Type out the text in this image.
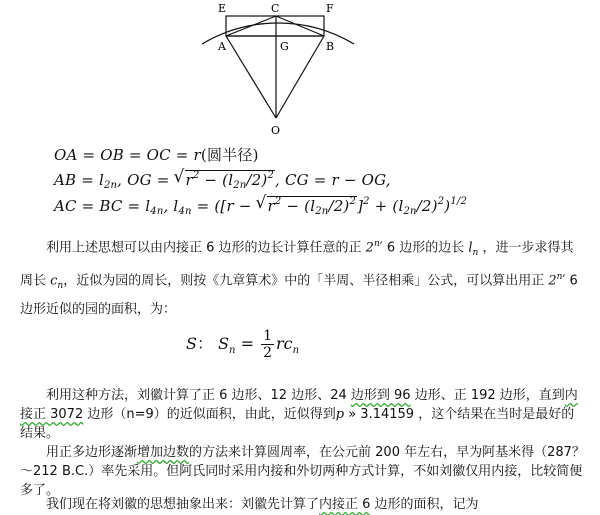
E	C	F
A	G	B
O
OA = OB = OC = r(圆半径)
AB = $l_{2n}$, OG = √ $r^2 - (l_{2n}/2)^2$, CG = r − OG,
AC = BC = $l_{4n}$, $l_{4n} = ([r$ − √ $r^2 - (l_{2n}/2)^2]^2 + (l_{2n}/2)^2)^{1/2}$

利用上述思想可以由内接正 6 边形的边长计算任意的正 2$^n$′ 6 边形的边长 $l_n$ ，进一步求得其周长 $c_n$，近似为园的周长，则按《九章算术》中的「半周、半径相乘」公式，可以算出用正 2$^n$′ 6 边形近似的园的面积，为：

S： $S_n = \frac{1}{2} rc_n$

利用这种方法，刘徽计算了正 6 边形、12 边形、24 边形到 96 边形、正 192 边形，直到内接正 3072 边形（n=9）的近似面积，由此，近似得到p » 3.14159 ，这个结果在当时是最好的结果。

用正多边形逐渐增加边数的方法来计算圆周率，在公元前 200 年左右，早为阿基米得（287？～212 B.C.）率先采用。但阿氏同时采用内接和外切两种方式计算，不如刘徽仅用内接，比较简便多了。

我们现在将刘徽的思想抽象出来：刘徽先计算了内接正 6 边形的面积，记为
